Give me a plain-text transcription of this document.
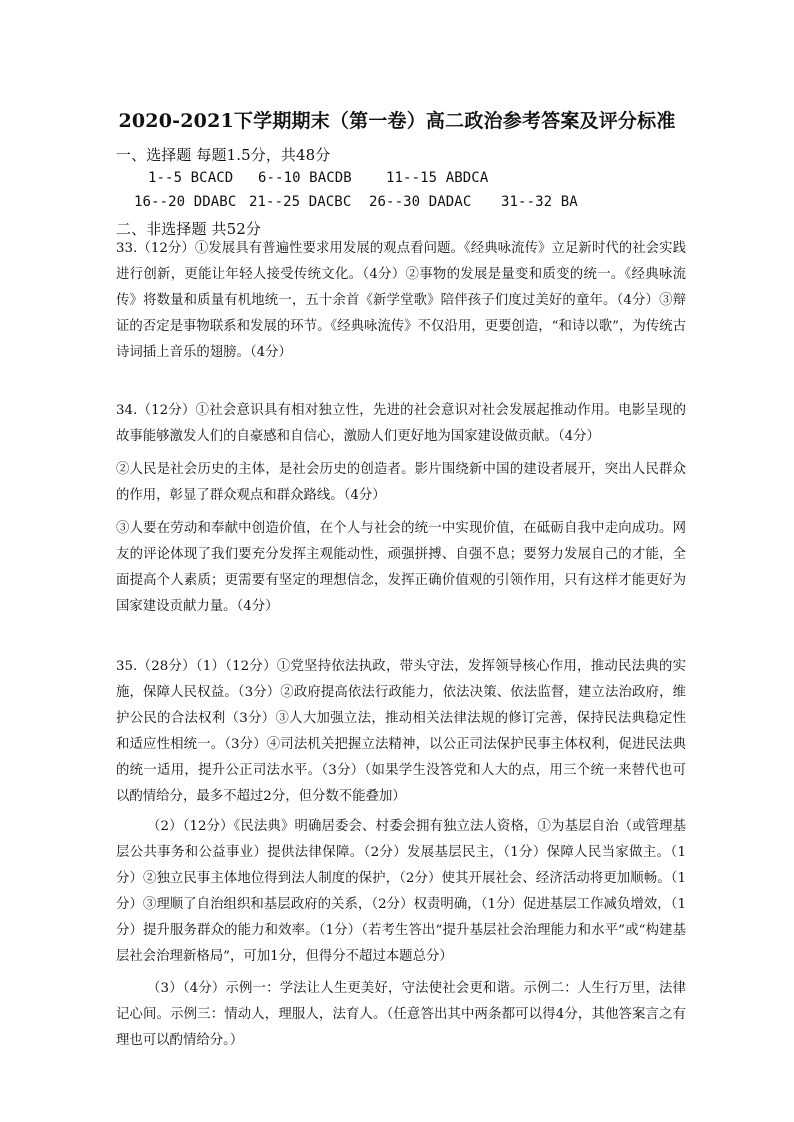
2020-2021下学期期末（第一卷）高二政治参考答案及评分标准
一、选择题 每题1.5分，共48分
1--5 BCACD 6--10 BACDB 11--15 ABDCA
16--20 DDABC 21--25 DACBC 26--30 DADAC 31--32 BA
二、非选择题 共52分
33.（12分）①发展具有普遍性要求用发展的观点看问题。《经典咏流传》立足新时代的社会实践进行创新，更能让年轻人接受传统文化。（4分）②事物的发展是量变和质变的统一。《经典咏流传》将数量和质量有机地统一，五十余首《新学堂歌》陪伴孩子们度过美好的童年。（4分）③辩证的否定是事物联系和发展的环节。《经典咏流传》不仅沿用，更要创造，“和诗以歌”，为传统古诗词插上音乐的翅膀。（4分）
34.（12分）①社会意识具有相对独立性，先进的社会意识对社会发展起推动作用。电影呈现的故事能够激发人们的自豪感和自信心，激励人们更好地为国家建设做贡献。（4分）
②人民是社会历史的主体，是社会历史的创造者。影片围绕新中国的建设者展开，突出人民群众的作用，彰显了群众观点和群众路线。（4分）
③人要在劳动和奉献中创造价值，在个人与社会的统一中实现价值，在砥砺自我中走向成功。网友的评论体现了我们要充分发挥主观能动性，顽强拼搏、自强不息；要努力发展自己的才能，全面提高个人素质；更需要有坚定的理想信念，发挥正确价值观的引领作用，只有这样才能更好为国家建设贡献力量。（4分）
35.（28分）（1）（12分）①党坚持依法执政，带头守法，发挥领导核心作用，推动民法典的实施，保障人民权益。（3分）②政府提高依法行政能力，依法决策、依法监督，建立法治政府，维护公民的合法权利（3分）③人大加强立法，推动相关法律法规的修订完善，保持民法典稳定性和适应性相统一。（3分）④司法机关把握立法精神，以公正司法保护民事主体权利，促进民法典的统一适用，提升公正司法水平。（3分）（如果学生没答党和人大的点，用三个统一来替代也可以酌情给分，最多不超过2分，但分数不能叠加）
（2）（12分）《民法典》明确居委会、村委会拥有独立法人资格，①为基层自治（或管理基层公共事务和公益事业）提供法律保障。（2分）发展基层民主，（1分）保障人民当家做主。（1分）②独立民事主体地位得到法人制度的保护，（2分）使其开展社会、经济活动将更加顺畅。（1分）③理顺了自治组织和基层政府的关系，（2分）权责明确，（1分）促进基层工作减负增效，（1分）提升服务群众的能力和效率。（1分）（若考生答出“提升基层社会治理能力和水平”或“构建基层社会治理新格局”，可加1分，但得分不超过本题总分）
（3）（4分）示例一：学法让人生更美好，守法使社会更和谐。示例二：人生行万里，法律记心间。示例三：情动人，理服人，法育人。（任意答出其中两条都可以得4分，其他答案言之有理也可以酌情给分。）
